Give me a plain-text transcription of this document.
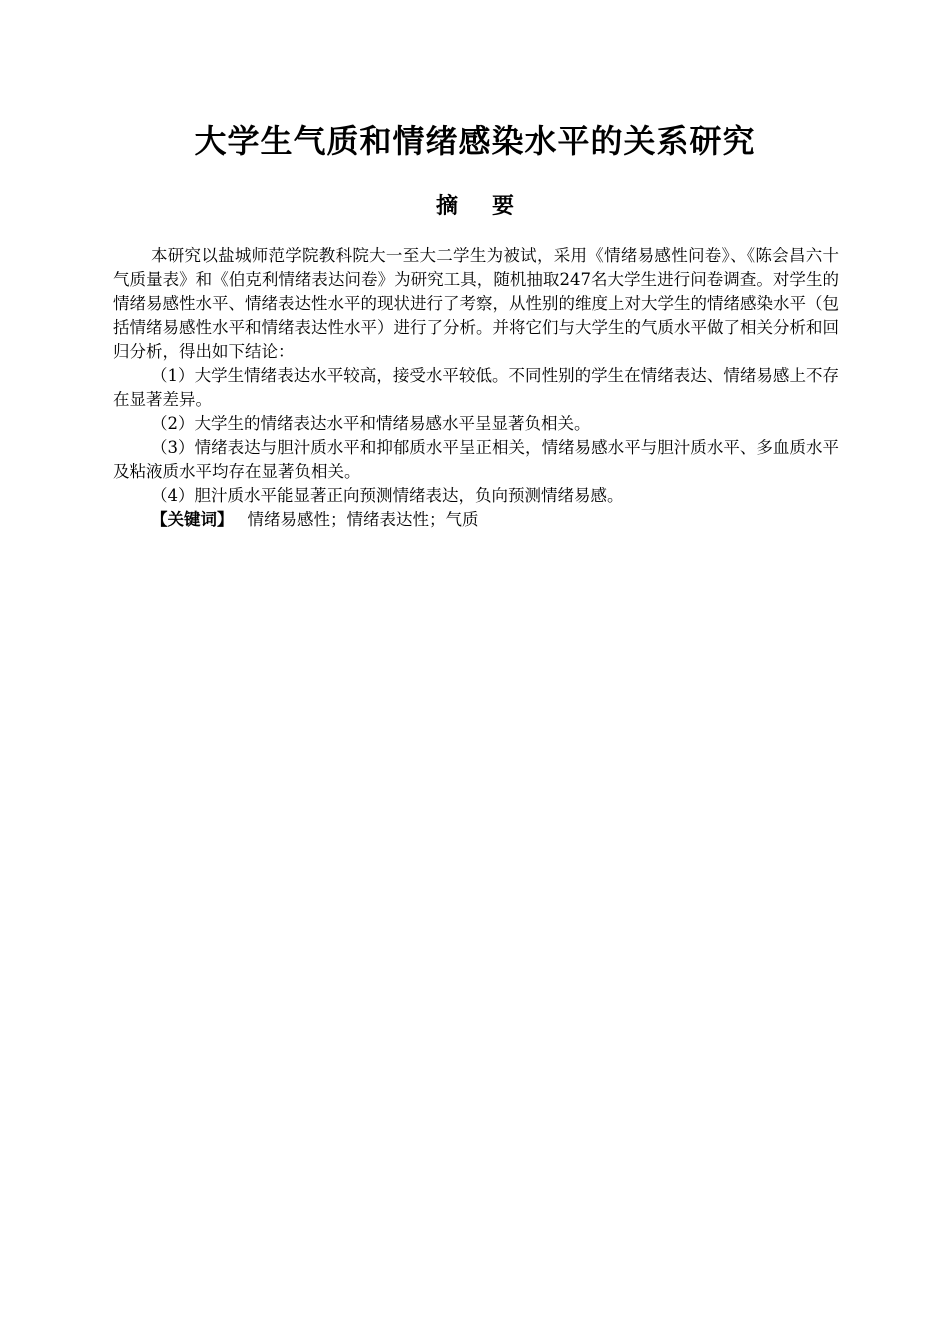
大学生气质和情绪感染水平的关系研究
摘要

本研究以盐城师范学院教科院大一至大二学生为被试，采用《情绪易感性问卷》、《陈会昌六十气质量表》和《伯克利情绪表达问卷》为研究工具，随机抽取247名大学生进行问卷调查。对学生的情绪易感性水平、情绪表达性水平的现状进行了考察，从性别的维度上对大学生的情绪感染水平（包括情绪易感性水平和情绪表达性水平）进行了分析。并将它们与大学生的气质水平做了相关分析和回归分析，得出如下结论：

（1）大学生情绪表达水平较高，接受水平较低。不同性别的学生在情绪表达、情绪易感上不存在显著差异。

（2）大学生的情绪表达水平和情绪易感水平呈显著负相关。

（3）情绪表达与胆汁质水平和抑郁质水平呈正相关，情绪易感水平与胆汁质水平、多血质水平及粘液质水平均存在显著负相关。

（4）胆汁质水平能显著正向预测情绪表达，负向预测情绪易感。

【关键词】 情绪易感性；情绪表达性；气质
